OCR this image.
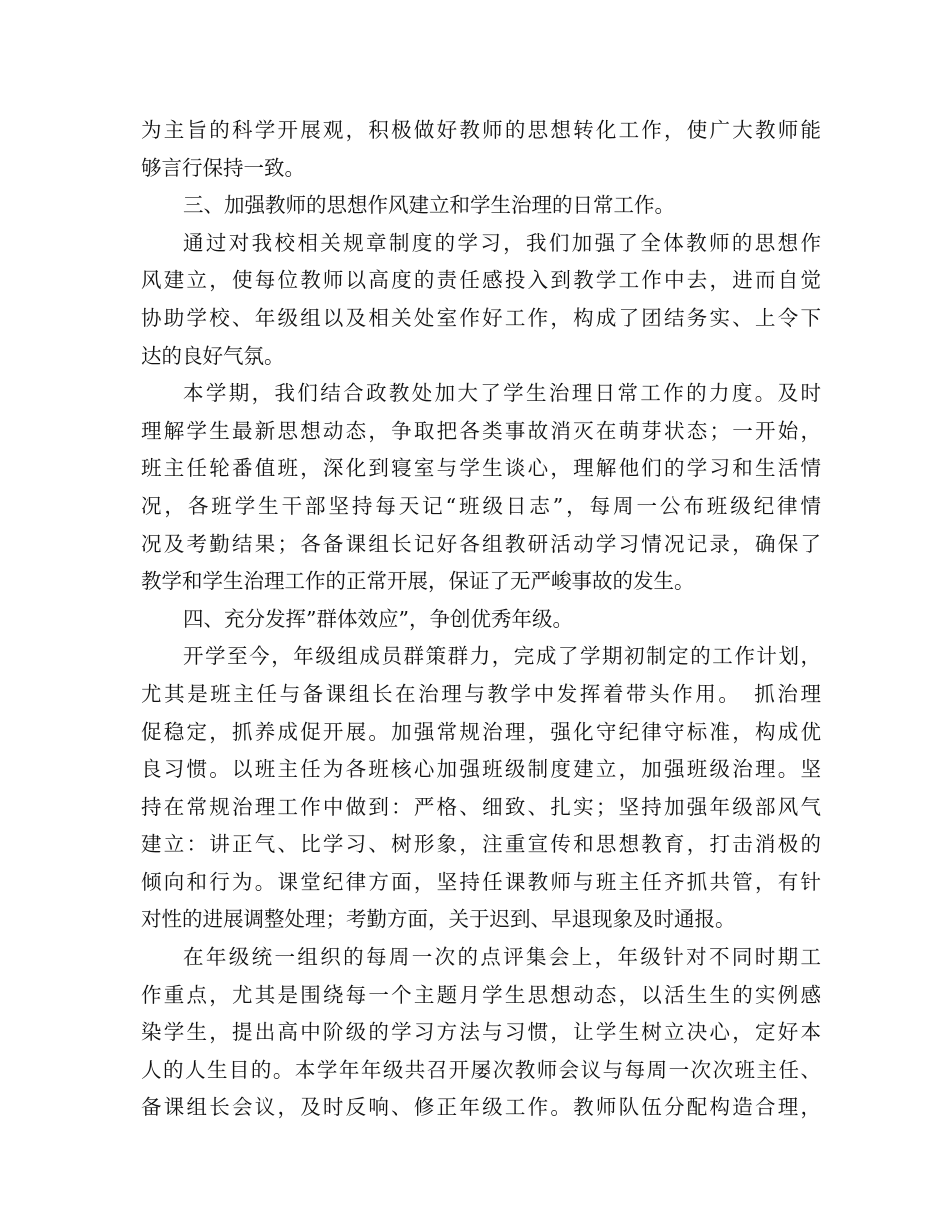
为主旨的科学开展观，积极做好教师的思想转化工作，使广大教师能
够言行保持一致。
三、加强教师的思想作风建立和学生治理的日常工作。
通过对我校相关规章制度的学习，我们加强了全体教师的思想作
风建立，使每位教师以高度的责任感投入到教学工作中去，进而自觉
协助学校、年级组以及相关处室作好工作，构成了团结务实、上令下
达的良好气氛。
本学期，我们结合政教处加大了学生治理日常工作的力度。及时
理解学生最新思想动态，争取把各类事故消灭在萌芽状态；一开始，
班主任轮番值班，深化到寝室与学生谈心，理解他们的学习和生活情
况，各班学生干部坚持每天记“班级日志”，每周一公布班级纪律情
况及考勤结果；各备课组长记好各组教研活动学习情况记录，确保了
教学和学生治理工作的正常开展，保证了无严峻事故的发生。
四、充分发挥”群体效应”，争创优秀年级。
开学至今，年级组成员群策群力，完成了学期初制定的工作计划，
尤其是班主任与备课组长在治理与教学中发挥着带头作用。　抓治理
促稳定，抓养成促开展。加强常规治理，强化守纪律守标准，构成优
良习惯。以班主任为各班核心加强班级制度建立，加强班级治理。坚
持在常规治理工作中做到：严格、细致、扎实；坚持加强年级部风气
建立：讲正气、比学习、树形象，注重宣传和思想教育，打击消极的
倾向和行为。课堂纪律方面，坚持任课教师与班主任齐抓共管，有针
对性的进展调整处理；考勤方面，关于迟到、早退现象及时通报。
在年级统一组织的每周一次的点评集会上，年级针对不同时期工
作重点，尤其是围绕每一个主题月学生思想动态，以活生生的实例感
染学生，提出高中阶级的学习方法与习惯，让学生树立决心，定好本
人的人生目的。本学年年级共召开屡次教师会议与每周一次次班主任、
备课组长会议，及时反响、修正年级工作。教师队伍分配构造合理，
